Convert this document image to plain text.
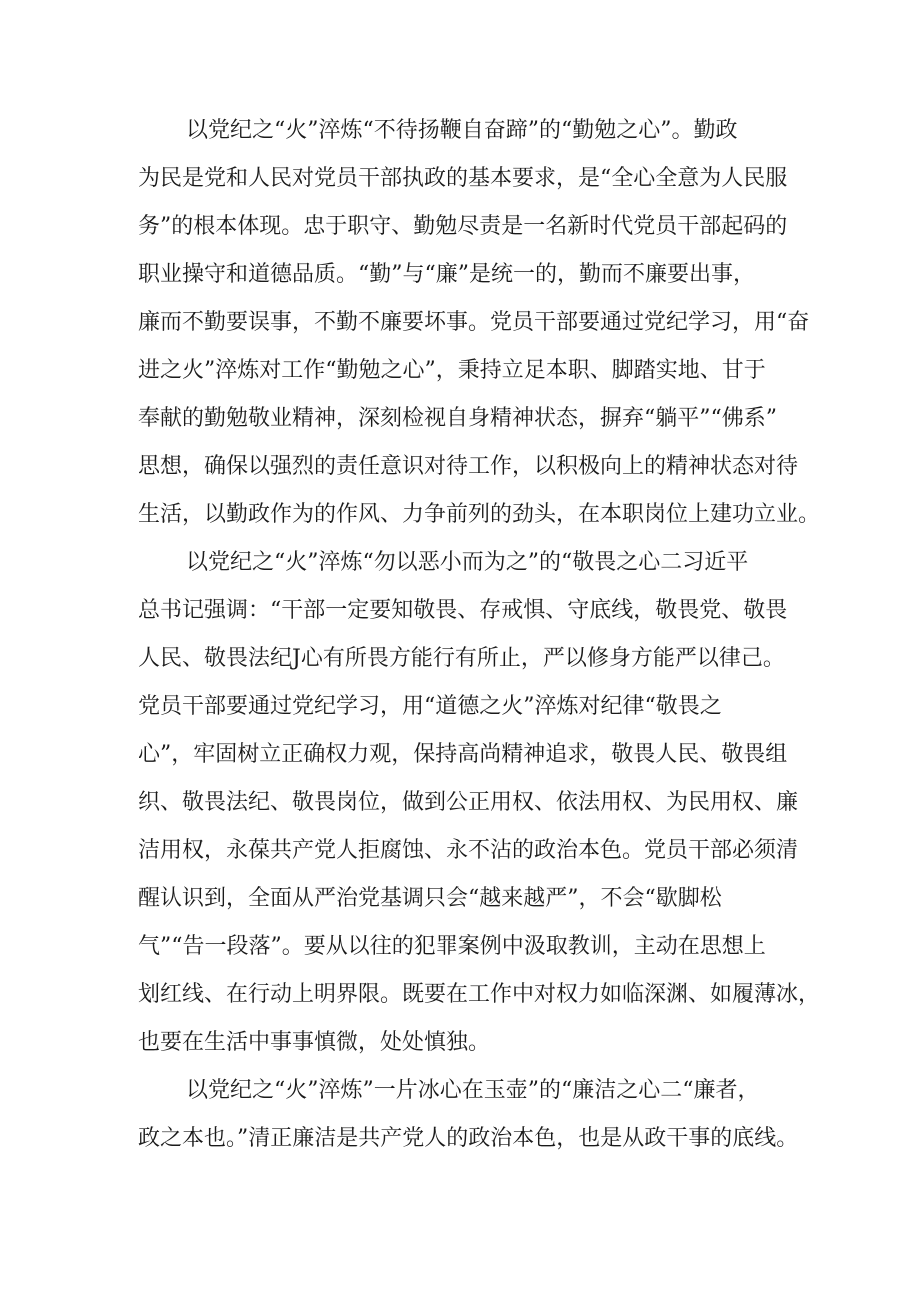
以党纪之“火”淬炼“不待扬鞭自奋蹄”的“勤勉之心”。勤政
为民是党和人民对党员干部执政的基本要求，是“全心全意为人民服
务”的根本体现。忠于职守、勤勉尽责是一名新时代党员干部起码的
职业操守和道德品质。“勤”与“廉”是统一的，勤而不廉要出事，
廉而不勤要误事，不勤不廉要坏事。党员干部要通过党纪学习，用“奋
进之火”淬炼对工作“勤勉之心”，秉持立足本职、脚踏实地、甘于
奉献的勤勉敬业精神，深刻检视自身精神状态，摒弃“躺平”“佛系”
思想，确保以强烈的责任意识对待工作，以积极向上的精神状态对待
生活，以勤政作为的作风、力争前列的劲头，在本职岗位上建功立业。
以党纪之“火”淬炼“勿以恶小而为之”的“敬畏之心二习近平
总书记强调：“干部一定要知敬畏、存戒惧、守底线，敬畏党、敬畏
人民、敬畏法纪J心有所畏方能行有所止，严以修身方能严以律己。
党员干部要通过党纪学习，用“道德之火”淬炼对纪律“敬畏之
心”，牢固树立正确权力观，保持高尚精神追求，敬畏人民、敬畏组
织、敬畏法纪、敬畏岗位，做到公正用权、依法用权、为民用权、廉
洁用权，永葆共产党人拒腐蚀、永不沾的政治本色。党员干部必须清
醒认识到，全面从严治党基调只会“越来越严”，不会“歇脚松
气”“告一段落”。要从以往的犯罪案例中汲取教训，主动在思想上
划红线、在行动上明界限。既要在工作中对权力如临深渊、如履薄冰，
也要在生活中事事慎微，处处慎独。
以党纪之“火”淬炼”一片冰心在玉壶”的“廉洁之心二“廉者，
政之本也。”清正廉洁是共产党人的政治本色，也是从政干事的底线。
